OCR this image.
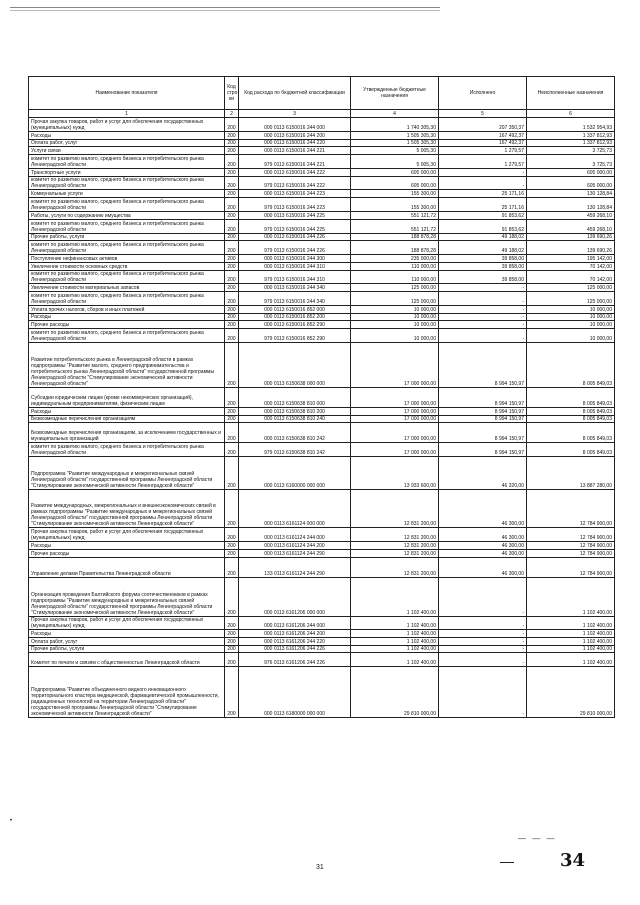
Наименование показателя	Код стро ки	Код расхода по бюджетной классификации	Утвержденные бюджетные назначения	Исполнено	Неисполненные назначения
1	2	3	4	5	6
Прочая закупка товаров, работ и услуг для обеспечения государственных (муниципальных) нужд	200	000 0113 6150016 244 000	1 740 305,30	207 350,37	1 532 954,93
Расходы	200	000 0113 6150016 244 200	1 505 305,30	167 492,37	1 337 812,93
Оплата работ, услуг	200	000 0113 6150016 244 220	1 505 305,30	167 492,37	1 337 812,93
Услуги связи	200	000 0113 6150016 244 221	5 005,30	1 279,57	3 725,73
комитет по развитию малого, среднего бизнеса и потребительского рынка Ленинградской области	200	979 0113 6150016 244 221	5 005,30	1 279,57	3 725,73
Транспортные услуги	200	000 0113 6150016 244 222	605 000,00	-	605 000,00
комитет по развитию малого, среднего бизнеса и потребительского рынка Ленинградской области	200	979 0113 6150016 244 222	605 000,00	-	605 000,00
Коммунальные услуги	200	000 0113 6150016 244 223	155 300,00	25 171,16	130 128,84
комитет по развитию малого, среднего бизнеса и потребительского рынка Ленинградской области	200	979 0113 6150016 244 223	155 300,00	25 171,16	130 128,84
Работы, услуги по содержанию имущества	200	000 0113 6150016 244 225	551 121,72	91 853,62	459 268,10
комитет по развитию малого, среднего бизнеса и потребительского рынка Ленинградской области	200	979 0113 6150016 244 225	551 121,72	91 853,62	459 268,10
Прочие работы, услуги	200	000 0113 6150016 244 226	188 878,28	49 188,02	139 690,26
комитет по развитию малого, среднего бизнеса и потребительского рынка Ленинградской области	200	979 0113 6150016 244 226	188 878,28	49 188,02	139 690,26
Поступление нефинансовых активов	200	000 0113 6150016 244 300	235 000,00	39 858,00	195 142,00
Увеличение стоимости основных средств	200	000 0113 6150016 244 310	110 000,00	39 858,00	70 142,00
комитет по развитию малого, среднего бизнеса и потребительского рынка Ленинградской области	200	979 0113 6150016 244 310	110 000,00	39 858,00	70 142,00
Увеличение стоимости материальных запасов	200	000 0113 6150016 244 340	125 000,00	-	125 000,00
комитет по развитию малого, среднего бизнеса и потребительского рынка Ленинградской области	200	979 0113 6150016 244 340	125 000,00	-	125 000,00
Уплата прочих налогов, сборов и иных платежей	200	000 0113 6150016 852 000	10 000,00	-	10 000,00
Расходы	200	000 0113 6150016 852 200	10 000,00	-	10 000,00
Прочие расходы	200	000 0113 6150016 852 290	10 000,00	-	10 000,00
комитет по развитию малого, среднего бизнеса и потребительского рынка Ленинградской области	200	979 0113 6150016 852 290	10 000,00	-	10 000,00
Развитие потребительского рынка в Ленинградской области в рамках подпрограммы "Развитие малого, среднего предпринимательства и потребительского рынка Ленинградской области" государственной программы Ленинградской области "Стимулирование экономической активности Ленинградской области"	200	000 0113 6150638 000 000	17 000 000,00	8 994 150,97	8 005 849,03
Субсидии юридическим лицам (кроме некоммерческих организаций), индивидуальным предпринимателям, физическим лицам	200	000 0113 6150638 810 000	17 000 000,00	8 994 150,97	8 005 849,03
Расходы	200	000 0113 6150638 810 200	17 000 000,00	8 994 150,97	8 005 849,03
Безвозмездные перечисления организациям	200	000 0113 6150638 810 240	17 000 000,00	8 994 150,97	8 005 849,03
Безвозмездные перечисления организациям, за исключением государственных и муниципальных организаций	200	000 0113 6150638 810 242	17 000 000,00	8 994 150,97	8 005 849,03
комитет по развитию малого, среднего бизнеса и потребительского рынка Ленинградской области	200	979 0113 6150638 810 242	17 000 000,00	8 994 150,97	8 005 849,03
Подпрограмма "Развитие международных и межрегиональных связей Ленинградской области" государственной программы Ленинградской области "Стимулирование экономической активности Ленинградской области"	200	000 0113 6160000 000 000	13 933 600,00	46 320,00	13 887 280,00
Развитие международных, межрегиональных и внешнеэкономических связей в рамках подпрограммы "Развитие международных и межрегиональных связей Ленинградской области" государственной программы Ленинградской области "Стимулирование экономической активности Ленинградской области"	200	000 0113 6161124 000 000	12 831 200,00	46 300,00	12 784 900,00
Прочая закупка товаров, работ и услуг для обеспечения государственных (муниципальных) нужд	200	000 0113 6161124 244 000	12 831 200,00	46 300,00	12 784 900,00
Расходы	200	000 0113 6161124 244 200	12 831 200,00	46 300,00	12 784 900,00
Прочие расходы	200	000 0113 6161124 244 290	12 831 200,00	46 300,00	12 784 900,00
Управление делами Правительства Ленинградской области	200	133 0113 6161124 244 290	12 831 200,00	46 300,00	12 784 900,00
Организация проведения Балтийского форума соотечественников в рамках подпрограммы "Развитие международных и межрегиональных связей Ленинградской области" государственной программы Ленинградской области "Стимулирование экономической активности Ленинградской области"	200	000 0113 6161206 000 000	1 102 400,00	-	1 102 400,00
Прочая закупка товаров, работ и услуг для обеспечения государственных (муниципальных) нужд	200	000 0113 6161206 244 000	1 102 400,00	-	1 102 400,00
Расходы	200	000 0113 6161206 244 200	1 102 400,00	-	1 102 400,00
Оплата работ, услуг	200	000 0113 6161206 244 220	1 102 400,00	-	1 102 400,00
Прочие работы, услуги	200	000 0113 6161206 244 226	1 102 400,00	-	1 102 400,00
Комитет по печати и связям с общественностью Ленинградской области	200	976 0113 6161206 244 226	1 102 400,00	-	1 102 400,00
Подпрограмма "Развитие объединенного видного инновационного территориального кластера медицинской, фармацевтической промышленности, радиационных технологий на территории Ленинградской области" государственной программы Ленинградской области "Стимулирование экономической активности Ленинградской области"	200	000 0113 6180000 000 000	29 810 000,00	-	29 810 000,00
•
— — —
31	34
